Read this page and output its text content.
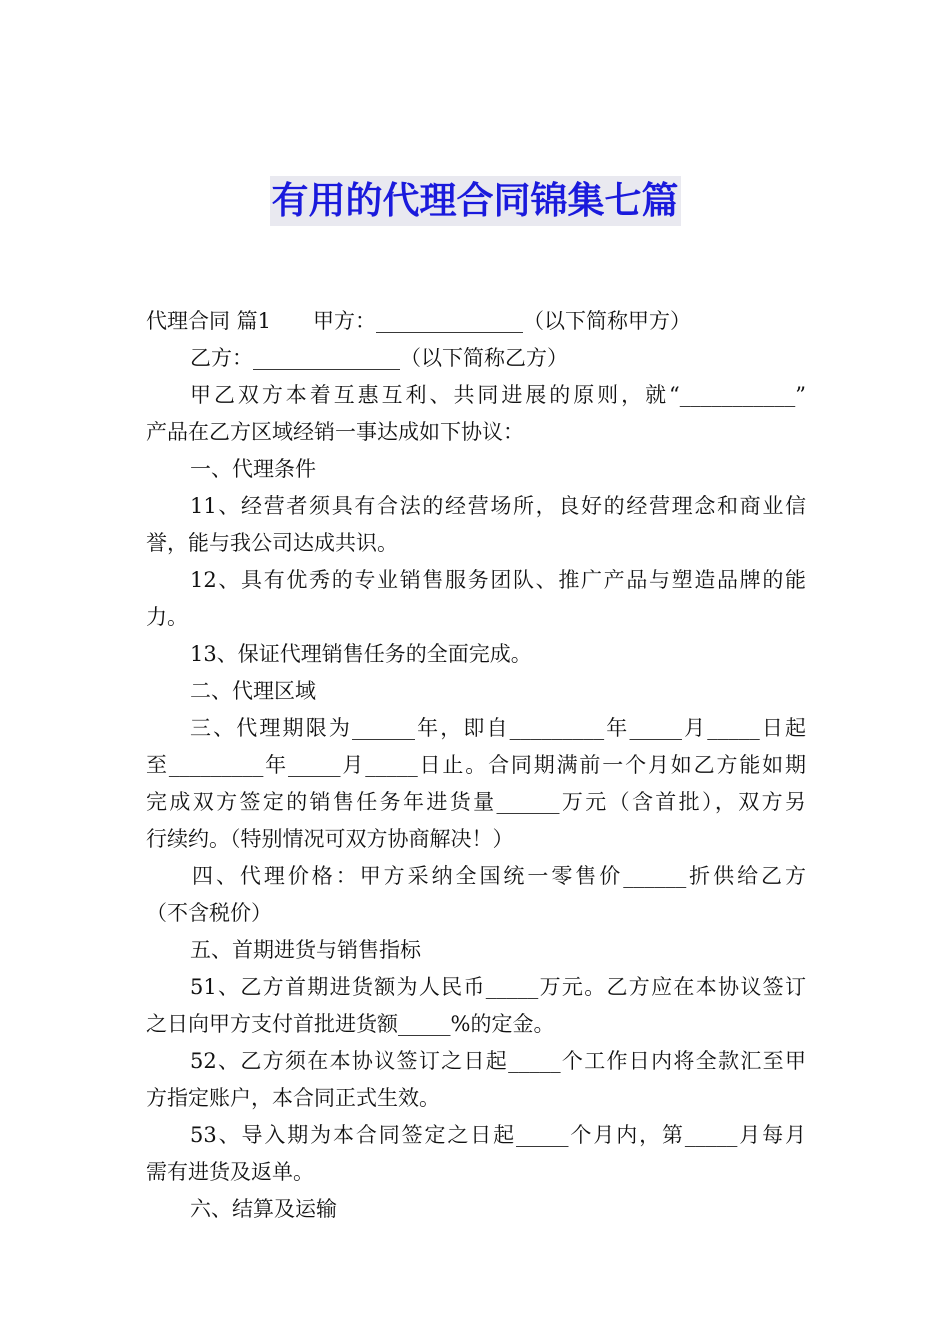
有用的代理合同锦集七篇
代理合同 篇1　　甲方：______________（以下简称甲方）
乙方：______________（以下简称乙方）
甲乙双方本着互惠互利、共同进展的原则，就“___________”
产品在乙方区域经销一事达成如下协议：
一、代理条件
11、经营者须具有合法的经营场所，良好的经营理念和商业信
誉，能与我公司达成共识。
12、具有优秀的专业销售服务团队、推广产品与塑造品牌的能
力。
13、保证代理销售任务的全面完成。
二、代理区域
三、代理期限为______年，即自_________年_____月_____日起
至_________年_____月_____日止。合同期满前一个月如乙方能如期
完成双方签定的销售任务年进货量______万元（含首批），双方另
行续约。（特别情况可双方协商解决！）
四、代理价格：甲方采纳全国统一零售价______折供给乙方
（不含税价）
五、首期进货与销售指标
51、乙方首期进货额为人民币_____万元。乙方应在本协议签订
之日向甲方支付首批进货额_____%的定金。
52、乙方须在本协议签订之日起_____个工作日内将全款汇至甲
方指定账户，本合同正式生效。
53、导入期为本合同签定之日起_____个月内，第_____月每月
需有进货及返单。
六、结算及运输
